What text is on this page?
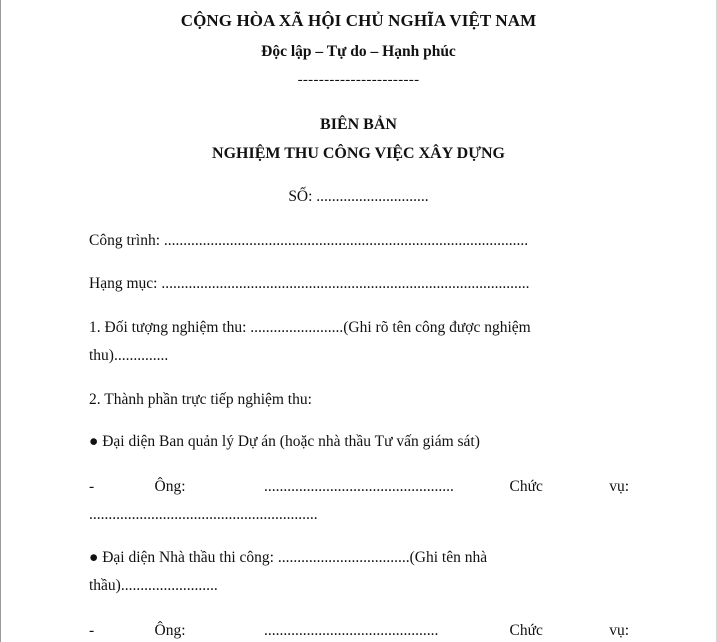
CỘNG HÒA XÃ HỘI CHỦ NGHĨA VIỆT NAM
Độc lập – Tự do – Hạnh phúc
-----------------------
BIÊN BẢN
NGHIỆM THU CÔNG VIỆC XÂY DỰNG
SỐ: .............................
Công trình: ..............................................................................................
Hạng mục: ...............................................................................................
1. Đối tượng nghiệm thu: ........................(Ghi rõ tên công được nghiệm
thu)..............
2. Thành phần trực tiếp nghiệm thu:
● Đại diện Ban quản lý Dự án (hoặc nhà thầu Tư vấn giám sát)
-	Ông:	.................................................	Chức	vụ:
...........................................................
● Đại diện Nhà thầu thi công: ..................................(Ghi tên nhà
thầu).........................
-	Ông:	.............................................	Chức	vụ:
